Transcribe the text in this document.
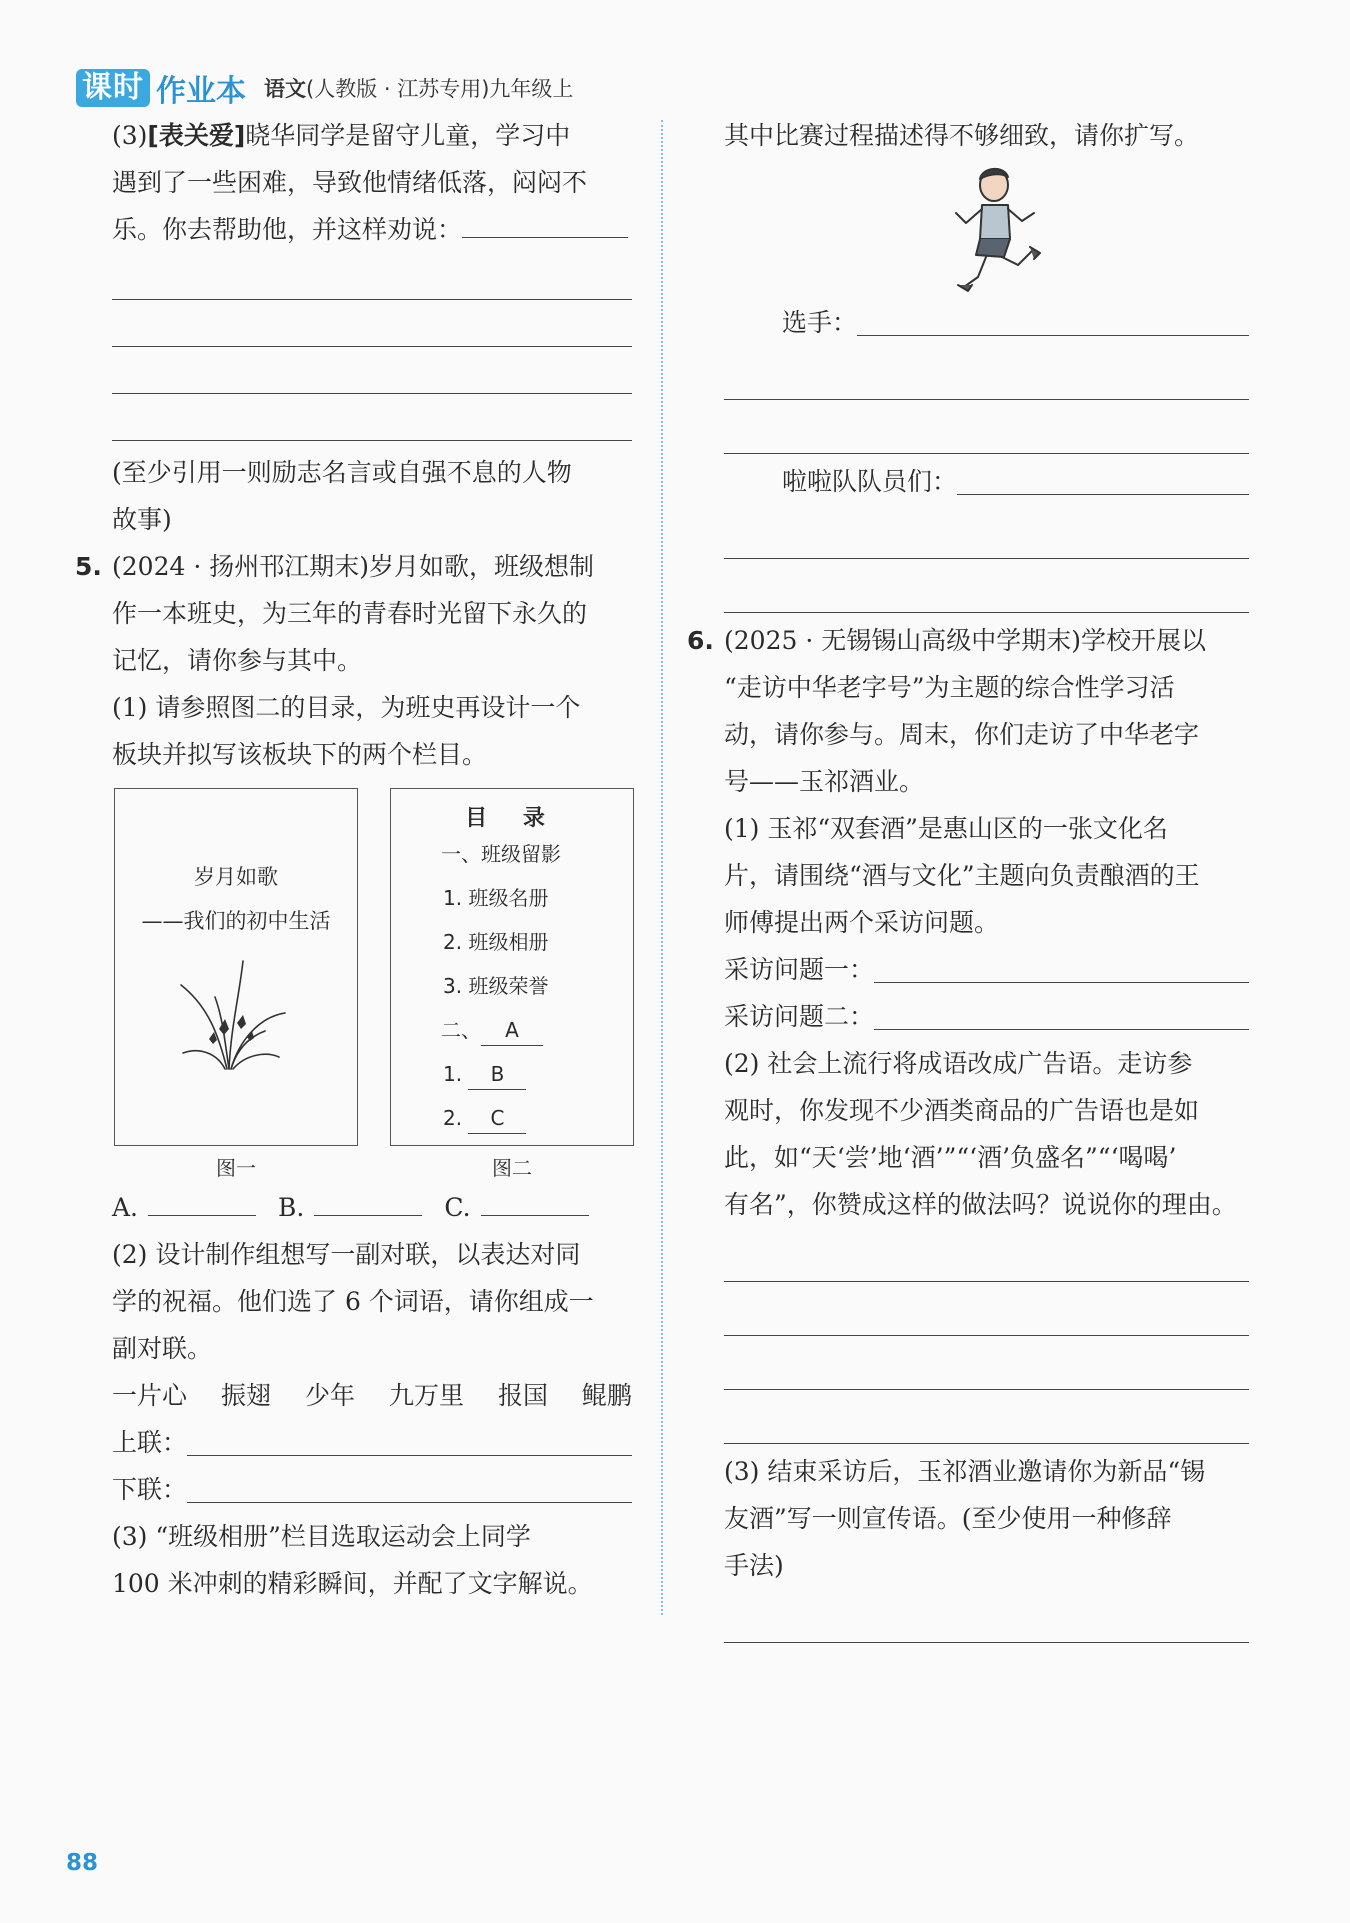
课时 作业本 语文(人教版 · 江苏专用)九年级上
(3)[表关爱]晓华同学是留守儿童，学习中
遇到了一些困难，导致他情绪低落，闷闷不
乐。你去帮助他，并这样劝说：
(至少引用一则励志名言或自强不息的人物
故事)
5. (2024 · 扬州邗江期末)岁月如歌，班级想制
作一本班史，为三年的青春时光留下永久的
记忆，请你参与其中。
(1) 请参照图二的目录，为班史再设计一个
板块并拟写该板块下的两个栏目。
岁月如歌
——我们的初中生活
图一
目 录
一、班级留影
1. 班级名册
2. 班级相册
3. 班级荣誉
二、 A
1. B
2. C
图二
A.	B.	C.
(2) 设计制作组想写一副对联，以表达对同
学的祝福。他们选了 6 个词语，请你组成一
副对联。
一片心 振翅 少年 九万里 报国 鲲鹏
上联：
下联：
(3) “班级相册”栏目选取运动会上同学
100 米冲刺的精彩瞬间，并配了文字解说。
其中比赛过程描述得不够细致，请你扩写。
选手：
啦啦队队员们：
6. (2025 · 无锡锡山高级中学期末)学校开展以
“走访中华老字号”为主题的综合性学习活
动，请你参与。周末，你们走访了中华老字
号——玉祁酒业。
(1) 玉祁“双套酒”是惠山区的一张文化名
片，请围绕“酒与文化”主题向负责酿酒的王
师傅提出两个采访问题。
采访问题一：
采访问题二：
(2) 社会上流行将成语改成广告语。走访参
观时，你发现不少酒类商品的广告语也是如
此，如“天‘尝’地‘酒’”“‘酒’负盛名”“‘喝喝’
有名”，你赞成这样的做法吗？说说你的理由。
(3) 结束采访后，玉祁酒业邀请你为新品“锡
友酒”写一则宣传语。(至少使用一种修辞
手法)
88
